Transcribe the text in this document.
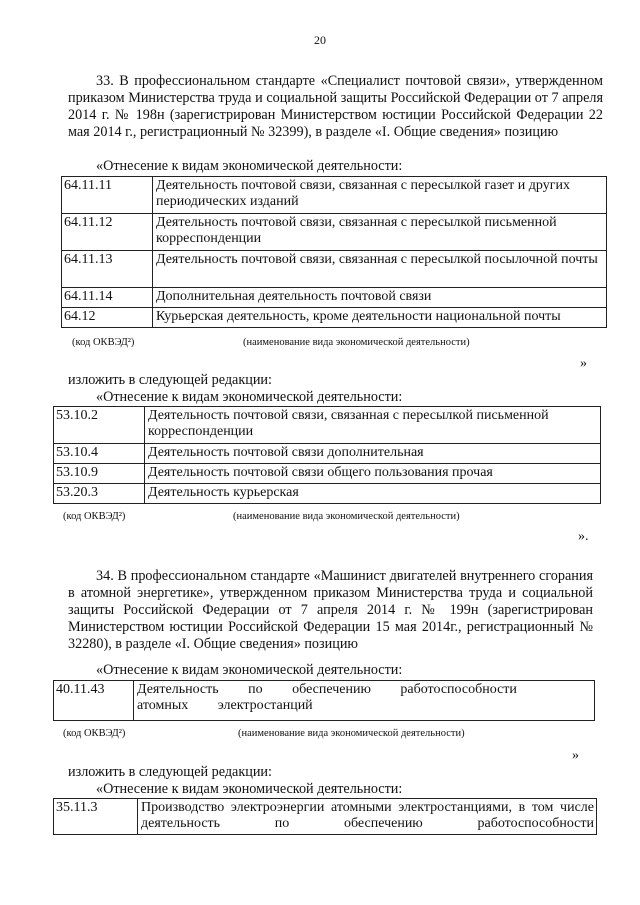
20
33. В профессиональном стандарте «Специалист почтовой связи», утвержденном приказом Министерства труда и социальной защиты Российской Федерации от 7 апреля 2014 г. № 198н (зарегистрирован Министерством юстиции Российской Федерации 22 мая 2014 г., регистрационный № 32399), в разделе «I. Общие сведения» позицию
«Отнесение к видам экономической деятельности:
64.11.11	Деятельность почтовой связи, связанная с пересылкой газет и других периодических изданий
64.11.12	Деятельность почтовой связи, связанная с пересылкой письменной корреспонденции
64.11.13	Деятельность почтовой связи, связанная с пересылкой посылочной почты
64.11.14	Дополнительная деятельность почтовой связи
64.12	Курьерская деятельность, кроме деятельности национальной почты
(код ОКВЭД²)	(наименование вида экономической деятельности)
»
изложить в следующей редакции:
«Отнесение к видам экономической деятельности:
53.10.2	Деятельность почтовой связи, связанная с пересылкой письменной корреспонденции
53.10.4	Деятельность почтовой связи дополнительная
53.10.9	Деятельность почтовой связи общего пользования прочая
53.20.3	Деятельность курьерская
(код ОКВЭД²)	(наименование вида экономической деятельности)
».
34. В профессиональном стандарте «Машинист двигателей внутреннего сгорания в атомной энергетике», утвержденном приказом Министерства труда и социальной защиты Российской Федерации от 7 апреля 2014 г. № 199н (зарегистрирован Министерством юстиции Российской Федерации 15 мая 2014г., регистрационный № 32280), в разделе «I. Общие сведения» позицию
«Отнесение к видам экономической деятельности:
40.11.43	Деятельность по обеспечению работоспособности атомных электростанций
(код ОКВЭД²)	(наименование вида экономической деятельности)
»
изложить в следующей редакции:
«Отнесение к видам экономической деятельности:
35.11.3	Производство электроэнергии атомными электростанциями, в том числе деятельность по обеспечению работоспособности
